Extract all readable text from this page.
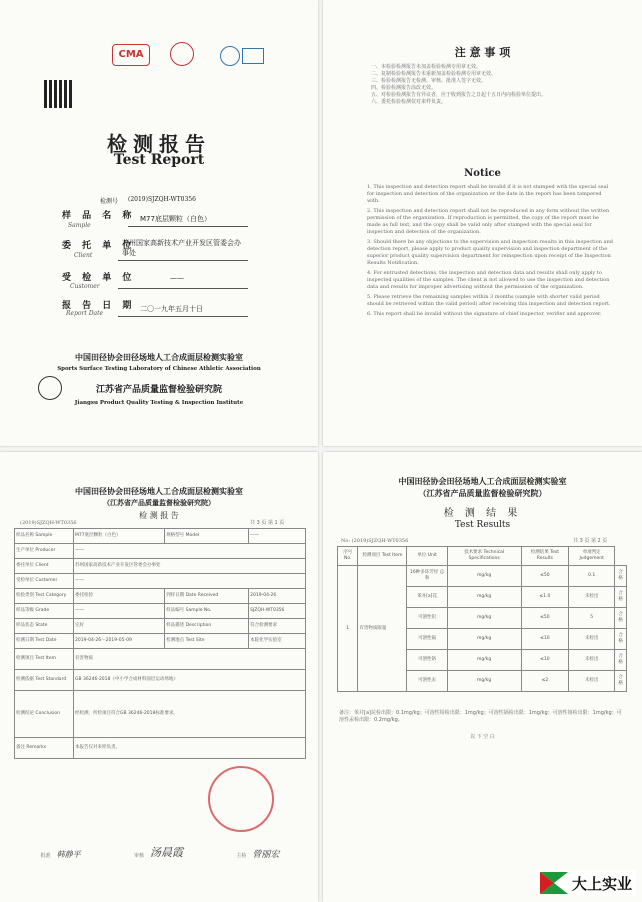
CMA
检测报告
Test Report
检测号 (2019)SJZQH-WT0356
样 品 名 称
Sample
M77底层颗粒（白色）
委 托 单 位
Client
苏州国家高新技术产业开发区管委会办事处
受 检 单 位
Customer
——
报 告 日 期
Report Date
二〇一九年五月十日
中国田径协会田径场地人工合成面层检测实验室
Sports Surface Testing Laboratory of Chinese Athletic Association
江苏省产品质量监督检验研究院
Jiangsu Product Quality Testing & Inspection Institute
注 意 事 项
一、本检验检测报告未加盖检验检测专用章无效。
二、复制检验检测报告未重新加盖检验检测专用章无效。
三、检验检测报告无检测、审核、批准人签字无效。
四、检验检测报告涂改无效。
五、对检验检测报告有异议者，应于收到报告之日起十五日内向检验单位提出。
六、委托检验检测仅对来样负责。
Notice
1. This inspection and detection report shall be invalid if it is not stamped with the special seal for inspection and detection of the organization or the date in the report has been tampered with.
2. This inspection and detection report shall not be reproduced in any form without the written permission of the organization. If reproduction is permitted, the copy of the report must be made as full text, and the copy shall be valid only after stamped with the special seal for inspection and detection of the organization.
3. Should there be any objections to the supervision and inspection results in this inspection and detection report, please apply to product quality supervision and inspection department of the superior product quality supervision department for reinspection upon receipt of the Inspection Results Notification.
4. For entrusted detections, the inspection and detection data and results shall only apply to inspected qualities of the samples. The client is not allowed to use the inspection and detection data and results for improper advertising without the permission of the organization.
5. Please retrieve the remaining samples within 3 months (sample with shorter valid period should be retrieved within the valid period) after receiving this inspection and detection report.
6. This report shall be invalid without the signature of chief inspector, verifier and approver.
中国田径协会田径场地人工合成面层检测实验室
（江苏省产品质量监督检验研究院）
检 测 报 告
(2019)SJZQH-WT0356	共 3 页 第 1 页
样品名称 Sample	M77底层颗粒（白色）	规格型号 Model	——
生产单位 Producer	——		
委托单位 Client	苏州国家高新技术产业开发区管委会办事处		
受检单位 Customer	——		
检验类别 Test Category	委托检验	到样日期 Date Received	2019-04-26
样品等级 Grade	——	样品编号 Sample No.	SJZQH-WT0356
样品状态 State	完好	样品描述 Description	符合检测要求
检测日期 Test Date	2019-04-26～2019-05-09	检测地点 Test Site	本院化学实验室
检测项目 Test Item	有害物质		
检测依据 Test Standard	GB 36246-2018《中小学合成材料面层运动场地》		
检测结论 Conclusion	经检测，所检项目符合GB 36246-2018标准要求。		
备注 Remarks	本报告仅对来样负责。		
批准 韩静平	审核 汤晨霞	主检 曾丽宏
中国田径协会田径场地人工合成面层检测实验室
（江苏省产品质量监督检验研究院）
检 测 结 果
Test Results
No: (2019)SJZQH-WT0356	共 3 页 第 2 页
序号 No.	检测项目 Test Item	单位 Unit	技术要求 Technical Specifications	检测结果 Test Results	单项判定 Judgement	
1	有害物质限量	16种多环芳烃 总和	mg/kg	≤50	0.1	合格
		苯并[a]芘	mg/kg	≤1.0	未检出	合格
		可溶性铅	mg/kg	≤50	5	合格
		可溶性镉	mg/kg	≤10	未检出	合格
		可溶性铬	mg/kg	≤10	未检出	合格
		可溶性汞	mg/kg	≤2	未检出	合格
备注：苯并[a]芘检出限：0.1mg/kg；可溶性铅检出限：1mg/kg；可溶性镉检出限：1mg/kg；可溶性铬检出限：1mg/kg；可溶性汞检出限：0.2mg/kg。
以 下 空 白
大上实业
